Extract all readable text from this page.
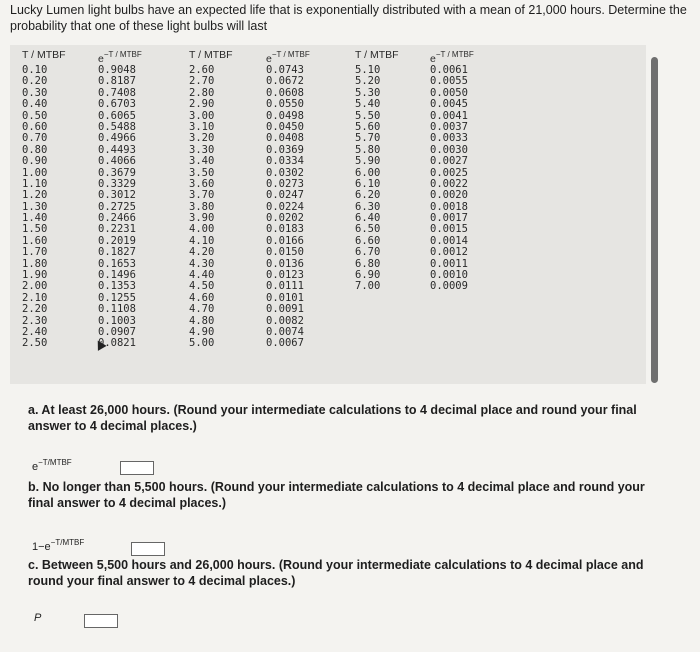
Lucky Lumen light bulbs have an expected life that is exponentially distributed with a mean of 21,000 hours. Determine the probability that one of these light bulbs will last
T / MTBF
0.10
0.20
0.30
0.40
0.50
0.60
0.70
0.80
0.90
1.00
1.10
1.20
1.30
1.40
1.50
1.60
1.70
1.80
1.90
2.00
2.10
2.20
2.30
2.40
2.50
$e^{-T / MTBF}$
0.9048
0.8187
0.7408
0.6703
0.6065
0.5488
0.4966
0.4493
0.4066
0.3679
0.3329
0.3012
0.2725
0.2466
0.2231
0.2019
0.1827
0.1653
0.1496
0.1353
0.1255
0.1108
0.1003
0.0907
0.0821
T / MTBF
2.60
2.70
2.80
2.90
3.00
3.10
3.20
3.30
3.40
3.50
3.60
3.70
3.80
3.90
4.00
4.10
4.20
4.30
4.40
4.50
4.60
4.70
4.80
4.90
5.00
$e^{-T / MTBF}$
0.0743
0.0672
0.0608
0.0550
0.0498
0.0450
0.0408
0.0369
0.0334
0.0302
0.0273
0.0247
0.0224
0.0202
0.0183
0.0166
0.0150
0.0136
0.0123
0.0111
0.0101
0.0091
0.0082
0.0074
0.0067
T / MTBF
5.10
5.20
5.30
5.40
5.50
5.60
5.70
5.80
5.90
6.00
6.10
6.20
6.30
6.40
6.50
6.60
6.70
6.80
6.90
7.00
$e^{-T / MTBF}$
0.0061
0.0055
0.0050
0.0045
0.0041
0.0037
0.0033
0.0030
0.0027
0.0025
0.0022
0.0020
0.0018
0.0017
0.0015
0.0014
0.0012
0.0011
0.0010
0.0009
a. At least 26,000 hours. (Round your intermediate calculations to 4 decimal place and round your final answer to 4 decimal places.)
$e^{-T/MTBF}$
b. No longer than 5,500 hours. (Round your intermediate calculations to 4 decimal place and round your final answer to 4 decimal places.)
$1-e^{-T/MTBF}$
c. Between 5,500 hours and 26,000 hours. (Round your intermediate calculations to 4 decimal place and round your final answer to 4 decimal places.)
P
